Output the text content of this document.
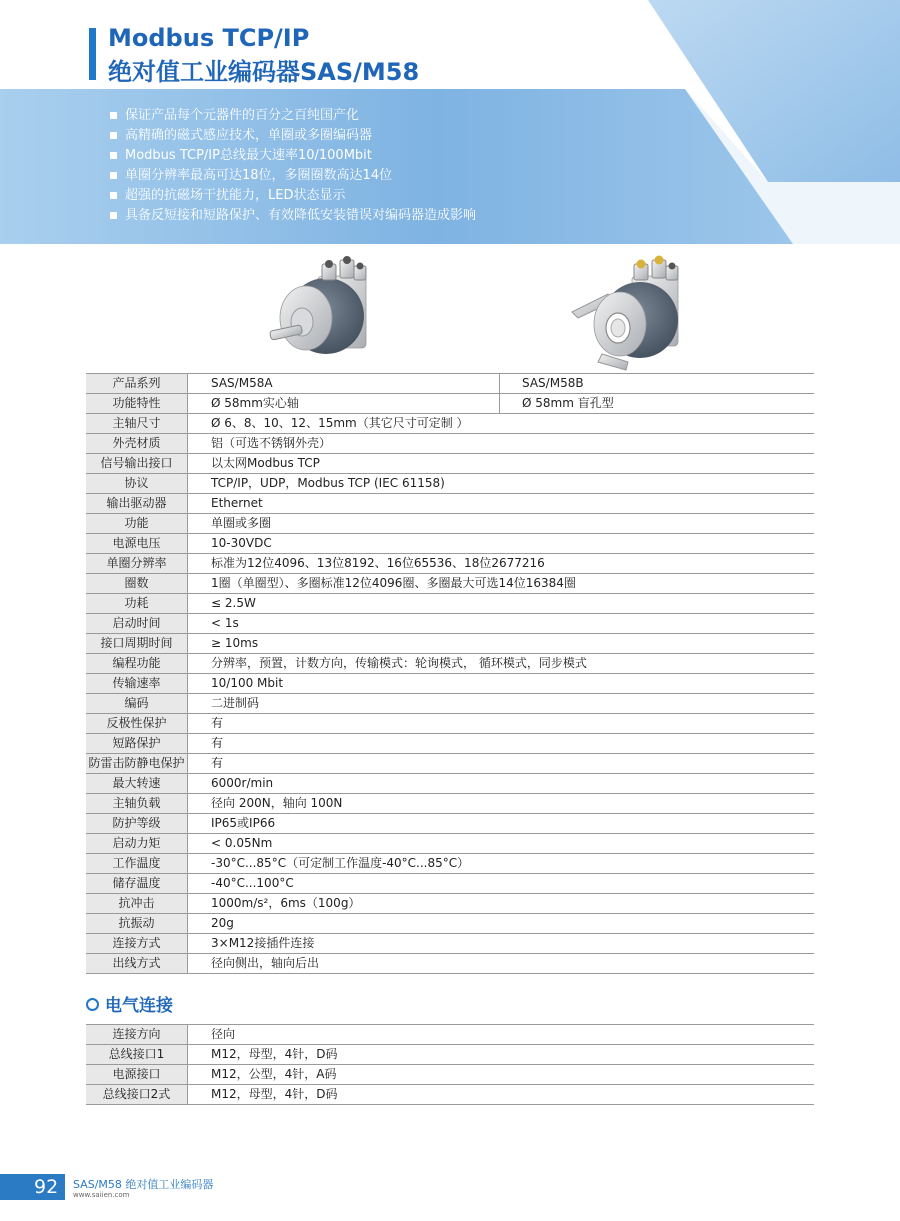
Modbus TCP/IP
绝对值工业编码器SAS/M58
保证产品每个元器件的百分之百纯国产化
高精确的磁式感应技术，单圈或多圈编码器
Modbus TCP/IP总线最大速率10/100Mbit
单圈分辨率最高可达18位，多圈圈数高达14位
超强的抗磁场干扰能力，LED状态显示
具备反短接和短路保护、有效降低安装错误对编码器造成影响
产品系列	SAS/M58A	SAS/M58B
功能特性	Ø 58mm实心轴	Ø 58mm 盲孔型
主轴尺寸	Ø 6、8、10、12、15mm（其它尺寸可定制 ）	
外壳材质	铝（可选不锈钢外壳）	
信号输出接口	以太网Modbus TCP	
协议	TCP/IP，UDP，Modbus TCP (IEC 61158)	
输出驱动器	Ethernet	
功能	单圈或多圈	
电源电压	10-30VDC	
单圈分辨率	标准为12位4096、13位8192、16位65536、18位2677216	
圈数	1圈（单圈型）、多圈标准12位4096圈、多圈最大可选14位16384圈	
功耗	≤ 2.5W	
启动时间	< 1s	
接口周期时间	≥ 10ms	
编程功能	分辨率，预置，计数方向，传输模式：轮询模式， 循环模式，同步模式	
传输速率	10/100 Mbit	
编码	二进制码	
反极性保护	有	
短路保护	有	
防雷击防静电保护	有	
最大转速	6000r/min	
主轴负载	径向 200N，轴向 100N	
防护等级	IP65或IP66	
启动力矩	< 0.05Nm	
工作温度	-30°C...85°C（可定制工作温度-40°C...85°C）	
储存温度	-40°C...100°C	
抗冲击	1000m/s²，6ms（100g）	
抗振动	20g	
连接方式	3×M12接插件连接	
出线方式	径向侧出，轴向后出	
电气连接
连接方向	径向
总线接口1	M12，母型，4针，D码
电源接口	M12，公型，4针，A码
总线接口2式	M12，母型，4针，D码
92 SAS/M58 绝对值工业编码器
www.saiien.com
